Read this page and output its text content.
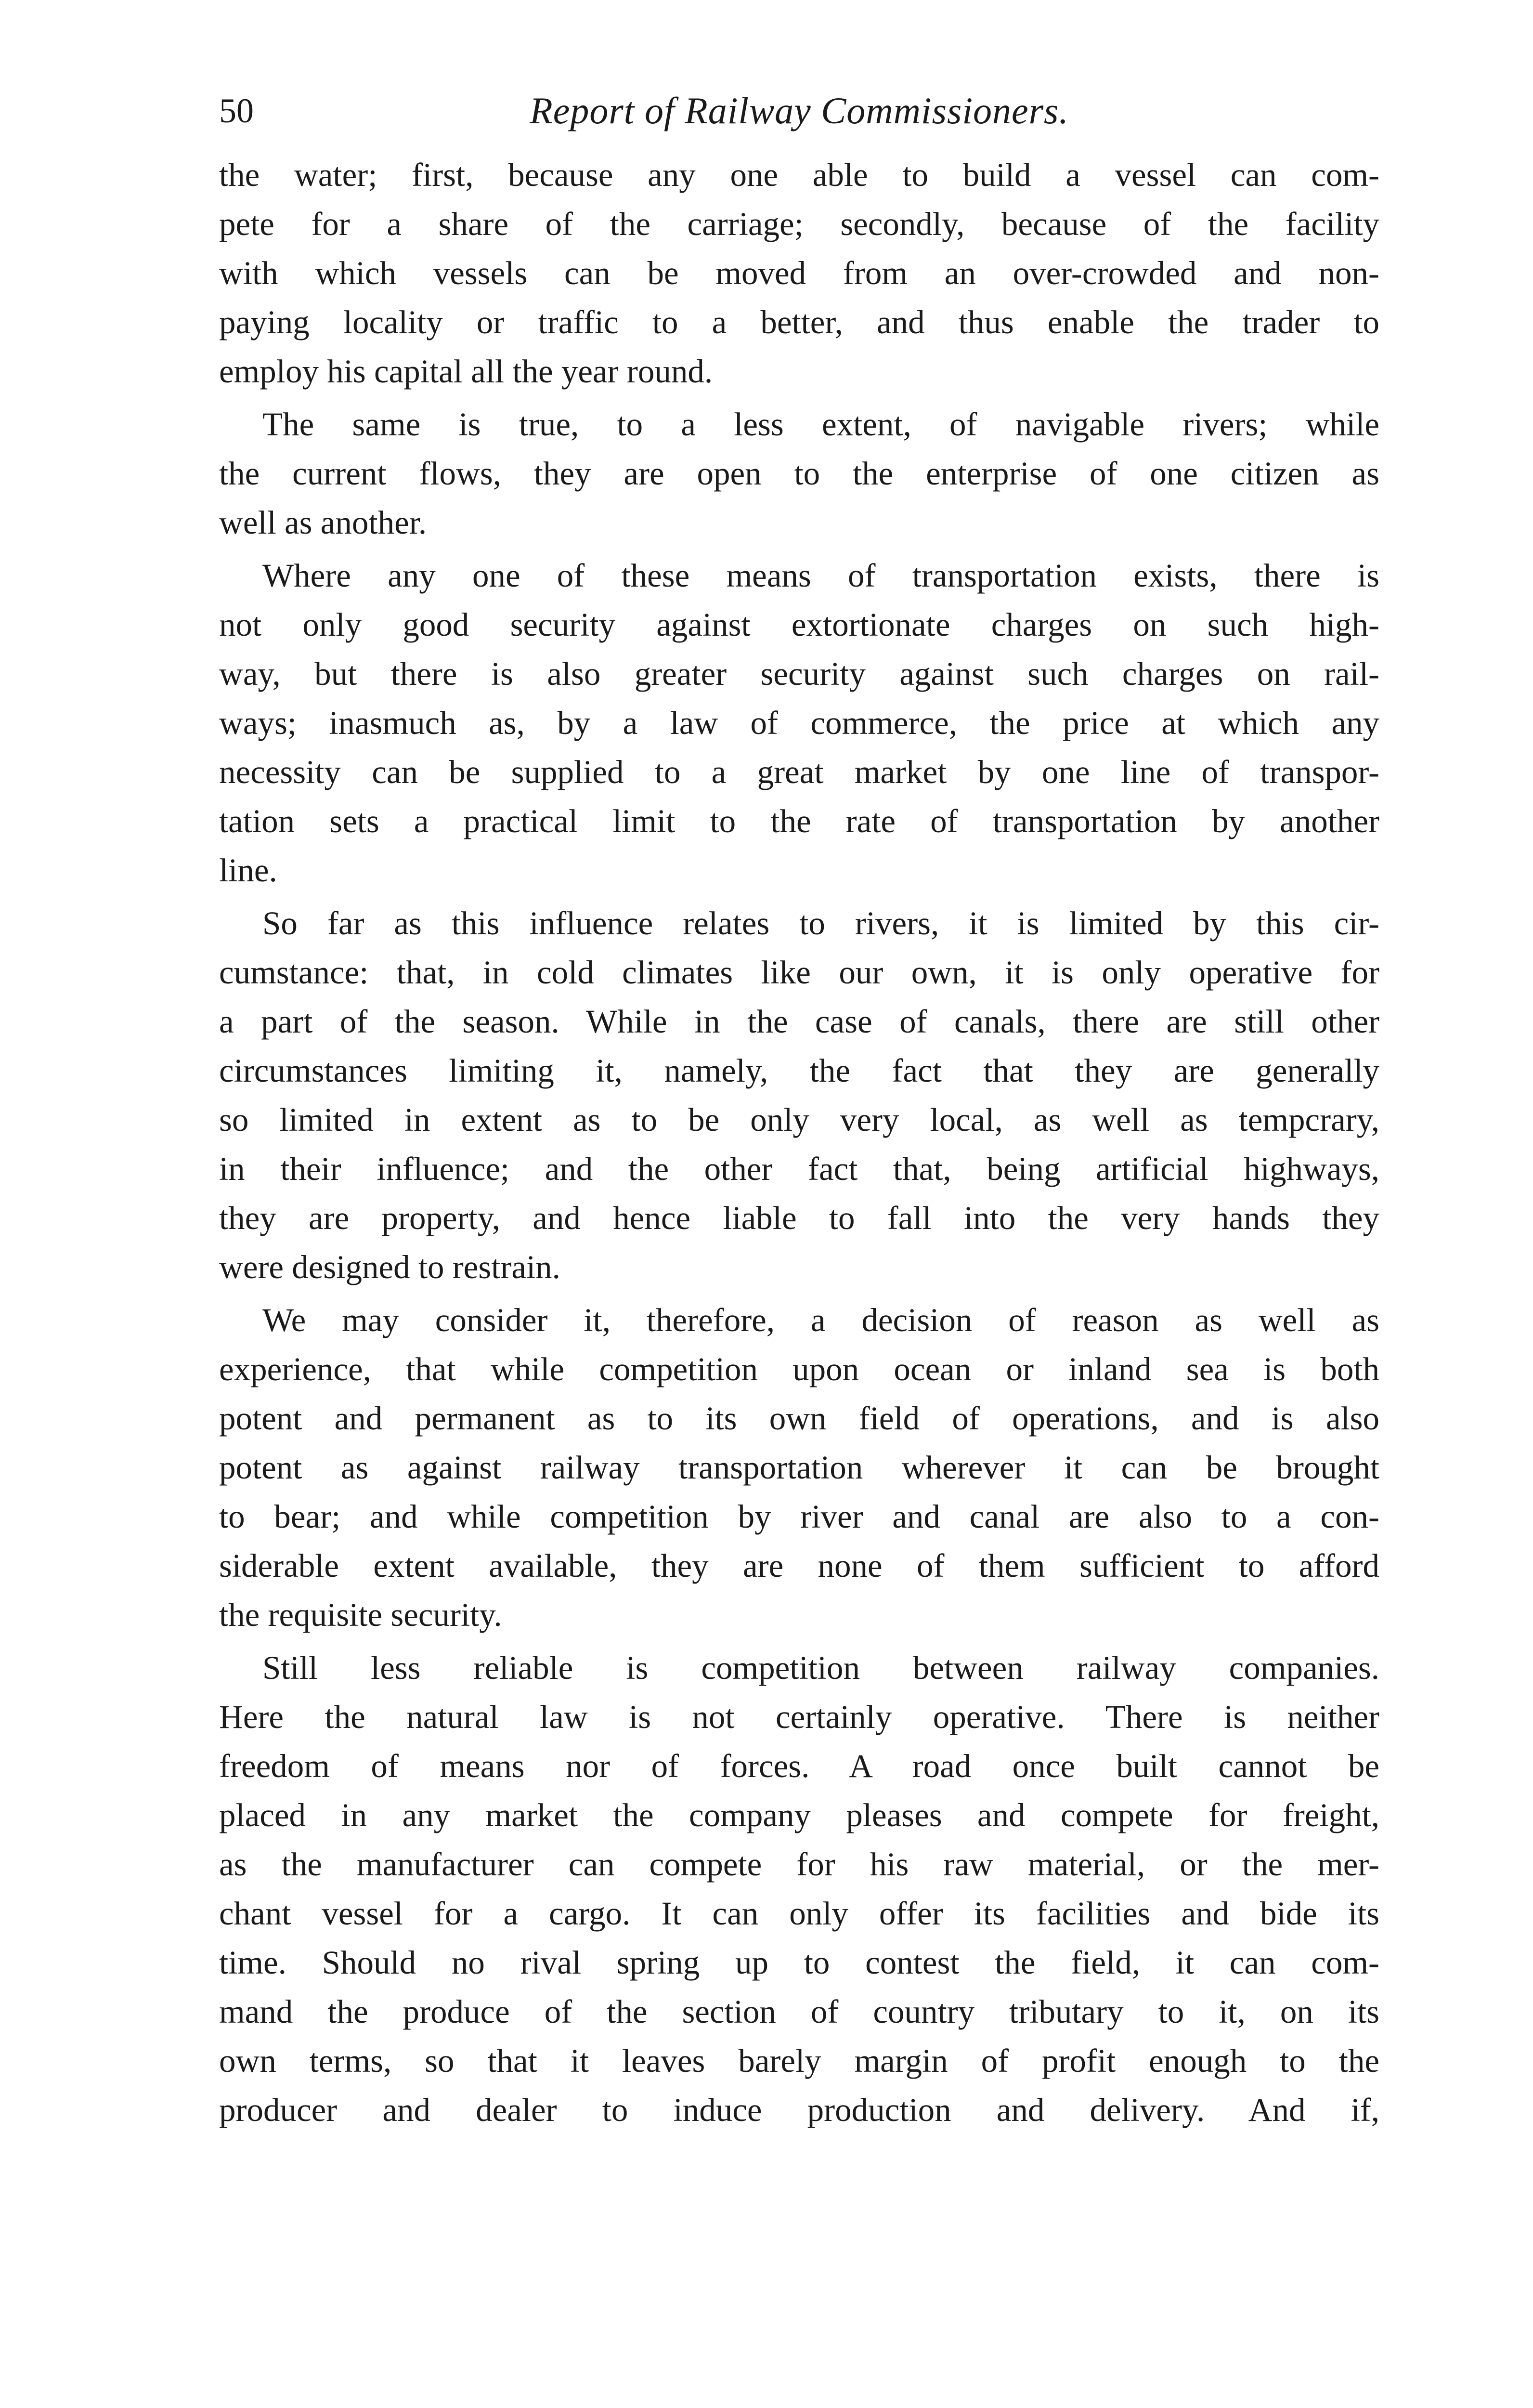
50	Report of Railway Commissioners.

the water; first, because any one able to build a vessel can com-
pete for a share of the carriage; secondly, because of the facility
with which vessels can be moved from an over-crowded and non-
paying locality or traffic to a better, and thus enable the trader to
employ his capital all the year round.

The same is true, to a less extent, of navigable rivers; while
the current flows, they are open to the enterprise of one citizen as
well as another.

Where any one of these means of transportation exists, there is
not only good security against extortionate charges on such high-
way, but there is also greater security against such charges on rail-
ways; inasmuch as, by a law of commerce, the price at which any
necessity can be supplied to a great market by one line of transpor-
tation sets a practical limit to the rate of transportation by another
line.

So far as this influence relates to rivers, it is limited by this cir-
cumstance: that, in cold climates like our own, it is only operative for
a part of the season. While in the case of canals, there are still other
circumstances limiting it, namely, the fact that they are generally
so limited in extent as to be only very local, as well as tempcrary,
in their influence; and the other fact that, being artificial highways,
they are property, and hence liable to fall into the very hands they
were designed to restrain.

We may consider it, therefore, a decision of reason as well as
experience, that while competition upon ocean or inland sea is both
potent and permanent as to its own field of operations, and is also
potent as against railway transportation wherever it can be brought
to bear; and while competition by river and canal are also to a con-
siderable extent available, they are none of them sufficient to afford
the requisite security.

Still less reliable is competition between railway companies.
Here the natural law is not certainly operative. There is neither
freedom of means nor of forces. A road once built cannot be
placed in any market the company pleases and compete for freight,
as the manufacturer can compete for his raw material, or the mer-
chant vessel for a cargo. It can only offer its facilities and bide its
time. Should no rival spring up to contest the field, it can com-
mand the produce of the section of country tributary to it, on its
own terms, so that it leaves barely margin of profit enough to the
producer and dealer to induce production and delivery. And if,
